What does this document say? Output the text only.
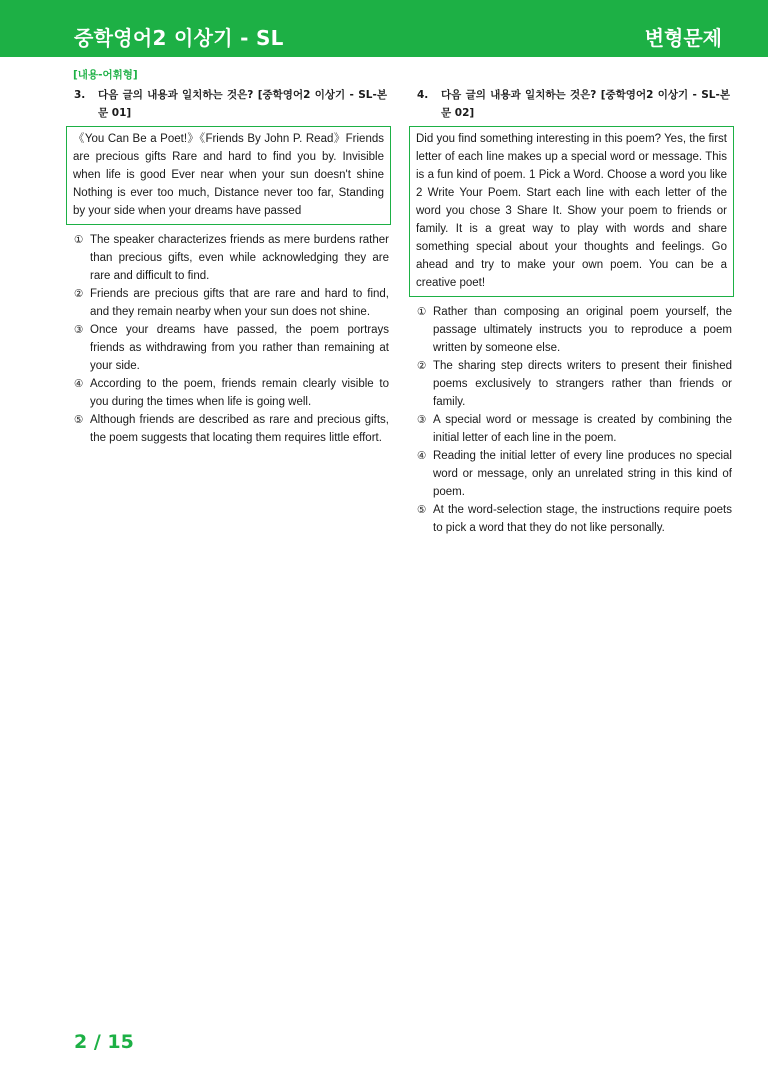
중학영어2 이상기 - SL	변형문제
[내용-어휘형]
3.	다음 글의 내용과 일치하는 것은? [중학영어2 이상기 - SL-본문 01]
《You Can Be a Poet!》《Friends By John P. Read》Friends are precious gifts Rare and hard to find you by. Invisible when life is good Ever near when your sun doesn't shine Nothing is ever too much, Distance never too far, Standing by your side when your dreams have passed
① The speaker characterizes friends as mere burdens rather than precious gifts, even while acknowledging they are rare and difficult to find.
② Friends are precious gifts that are rare and hard to find, and they remain nearby when your sun does not shine.
③ Once your dreams have passed, the poem portrays friends as withdrawing from you rather than remaining at your side.
④ According to the poem, friends remain clearly visible to you during the times when life is going well.
⑤ Although friends are described as rare and precious gifts, the poem suggests that locating them requires little effort.
4.	다음 글의 내용과 일치하는 것은? [중학영어2 이상기 - SL-본문 02]
Did you find something interesting in this poem? Yes, the first letter of each line makes up a special word or message. This is a fun kind of poem. 1 Pick a Word. Choose a word you like 2 Write Your Poem. Start each line with each letter of the word you chose 3 Share It. Show your poem to friends or family. It is a great way to play with words and share something special about your thoughts and feelings. Go ahead and try to make your own poem. You can be a creative poet!
① Rather than composing an original poem yourself, the passage ultimately instructs you to reproduce a poem written by someone else.
② The sharing step directs writers to present their finished poems exclusively to strangers rather than friends or family.
③ A special word or message is created by combining the initial letter of each line in the poem.
④ Reading the initial letter of every line produces no special word or message, only an unrelated string in this kind of poem.
⑤ At the word-selection stage, the instructions require poets to pick a word that they do not like personally.
2 / 15
